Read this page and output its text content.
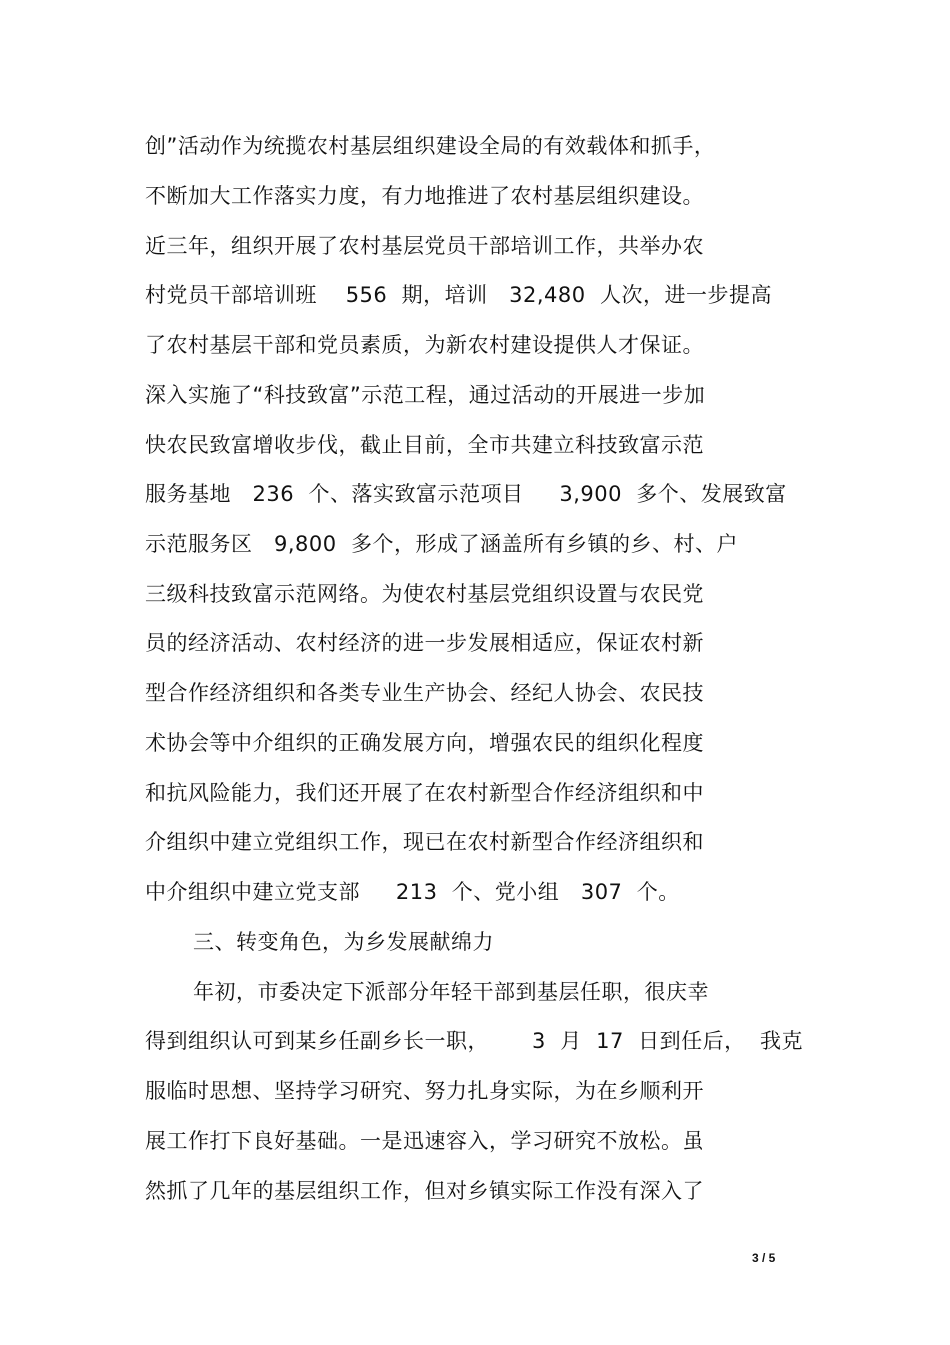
创”活动作为统揽农村基层组织建设全局的有效载体和抓手，
不断加大工作落实力度，有力地推进了农村基层组织建设。
近三年，组织开展了农村基层党员干部培训工作，共举办农
村党员干部培训班    556  期，培训   32,480  人次，进一步提高
了农村基层干部和党员素质，为新农村建设提供人才保证。
深入实施了“科技致富”示范工程，通过活动的开展进一步加
快农民致富增收步伐，截止目前，全市共建立科技致富示范
服务基地   236  个、落实致富示范项目     3,900  多个、发展致富
示范服务区   9,800  多个，形成了涵盖所有乡镇的乡、村、户
三级科技致富示范网络。为使农村基层党组织设置与农民党
员的经济活动、农村经济的进一步发展相适应，保证农村新
型合作经济组织和各类专业生产协会、经纪人协会、农民技
术协会等中介组织的正确发展方向，增强农民的组织化程度
和抗风险能力，我们还开展了在农村新型合作经济组织和中
介组织中建立党组织工作，现已在农村新型合作经济组织和
中介组织中建立党支部     213  个、党小组   307  个。
三、转变角色，为乡发展献绵力
年初，市委决定下派部分年轻干部到基层任职，很庆幸
得到组织认可到某乡任副乡长一职，      3  月  17  日到任后，  我克
服临时思想、坚持学习研究、努力扎身实际，为在乡顺利开
展工作打下良好基础。一是迅速容入，学习研究不放松。虽
然抓了几年的基层组织工作，但对乡镇实际工作没有深入了
3 / 5
